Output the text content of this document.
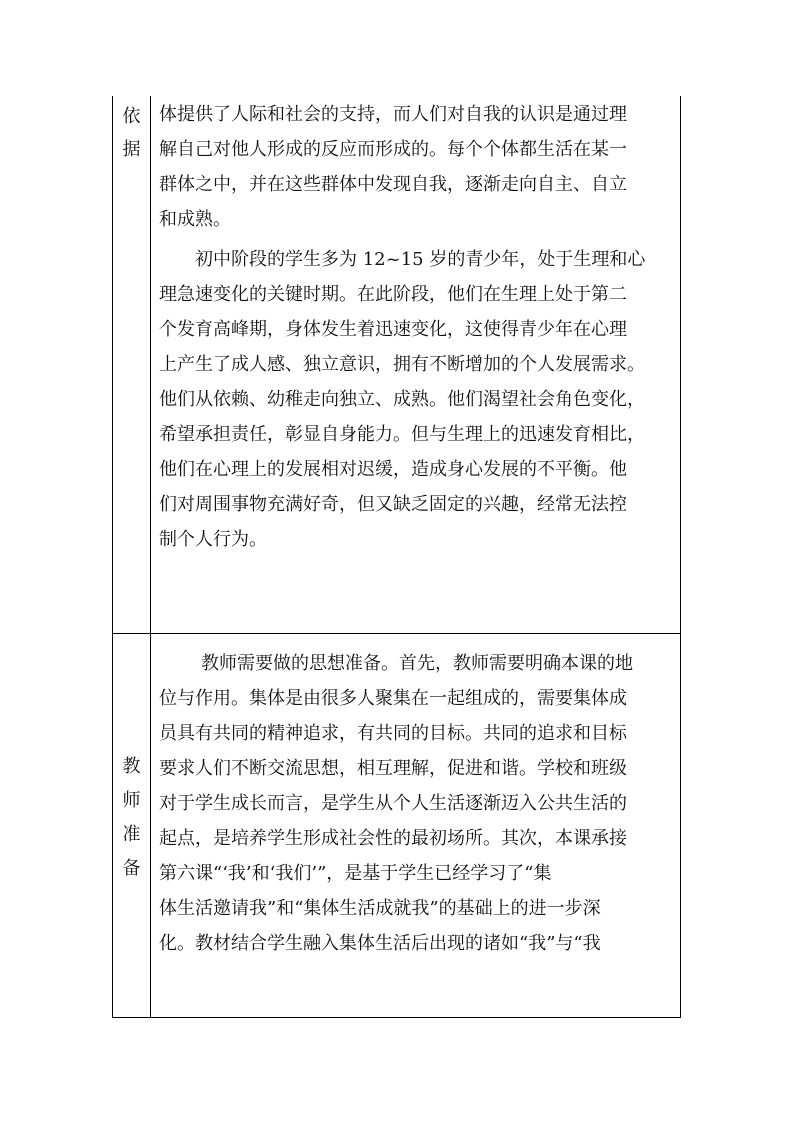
依
据
体提供了人际和社会的支持，而人们对自我的认识是通过理
解自己对他人形成的反应而形成的。每个个体都生活在某一
群体之中，并在这些群体中发现自我，逐渐走向自主、自立
和成熟。
初中阶段的学生多为 12~15 岁的青少年，处于生理和心
理急速变化的关键时期。在此阶段，他们在生理上处于第二
个发育高峰期，身体发生着迅速变化，这使得青少年在心理
上产生了成人感、独立意识，拥有不断增加的个人发展需求。
他们从依赖、幼稚走向独立、成熟。他们渴望社会角色变化，
希望承担责任，彰显自身能力。但与生理上的迅速发育相比，
他们在心理上的发展相对迟缓，造成身心发展的不平衡。他
们对周围事物充满好奇，但又缺乏固定的兴趣，经常无法控
制个人行为。
教
师
准
备
教师需要做的思想准备。首先，教师需要明确本课的地
位与作用。集体是由很多人聚集在一起组成的，需要集体成
员具有共同的精神追求，有共同的目标。共同的追求和目标
要求人们不断交流思想，相互理解，促进和谐。学校和班级
对于学生成长而言，是学生从个人生活逐渐迈入公共生活的
起点，是培养学生形成社会性的最初场所。其次，本课承接
第六课“‘我’和‘我们’”，是基于学生已经学习了“集
体生活邀请我”和“集体生活成就我”的基础上的进一步深
化。教材结合学生融入集体生活后出现的诸如“我”与“我
